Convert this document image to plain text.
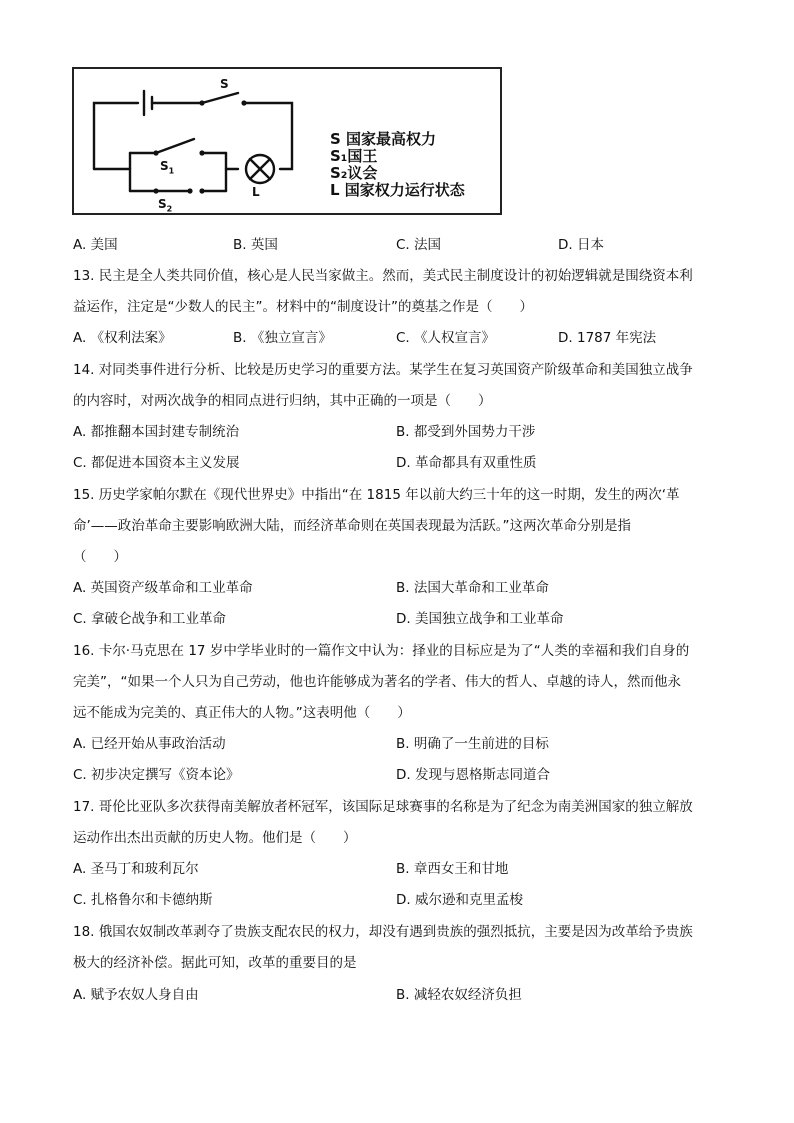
S
$S_1$
$S_2$
L
S 国家最高权力
S₁国王
S₂议会
L 国家权力运行状态
A. 美国	B. 英国	C. 法国	D. 日本
13. 民主是全人类共同价值，核心是人民当家做主。然而，美式民主制度设计的初始逻辑就是围绕资本利
益运作，注定是“少数人的民主”。材料中的“制度设计”的奠基之作是（　　）
A. 《权利法案》	B. 《独立宣言》	C. 《人权宣言》	D. 1787 年宪法
14. 对同类事件进行分析、比较是历史学习的重要方法。某学生在复习英国资产阶级革命和美国独立战争
的内容时，对两次战争的相同点进行归纳，其中正确的一项是（　　）
A. 都推翻本国封建专制统治	B. 都受到外国势力干涉
C. 都促进本国资本主义发展	D. 革命都具有双重性质
15. 历史学家帕尔默在《现代世界史》中指出“在 1815 年以前大约三十年的这一时期，发生的两次‘革
命’——政治革命主要影响欧洲大陆，而经济革命则在英国表现最为活跃。”这两次革命分别是指
（　　）
A. 英国资产级革命和工业革命	B. 法国大革命和工业革命
C. 拿破仑战争和工业革命	D. 美国独立战争和工业革命
16. 卡尔·马克思在 17 岁中学毕业时的一篇作文中认为：择业的目标应是为了“人类的幸福和我们自身的
完美”，“如果一个人只为自己劳动，他也许能够成为著名的学者、伟大的哲人、卓越的诗人，然而他永
远不能成为完美的、真正伟大的人物。”这表明他（　　）
A. 已经开始从事政治活动	B. 明确了一生前进的目标
C. 初步决定撰写《资本论》	D. 发现与恩格斯志同道合
17. 哥伦比亚队多次获得南美解放者杯冠军，该国际足球赛事的名称是为了纪念为南美洲国家的独立解放
运动作出杰出贡献的历史人物。他们是（　　）
A. 圣马丁和玻利瓦尔	B. 章西女王和甘地
C. 扎格鲁尔和卡德纳斯	D. 威尔逊和克里孟梭
18. 俄国农奴制改革剥夺了贵族支配农民的权力，却没有遇到贵族的强烈抵抗，主要是因为改革给予贵族
极大的经济补偿。据此可知，改革的重要目的是
A. 赋予农奴人身自由	B. 减轻农奴经济负担
